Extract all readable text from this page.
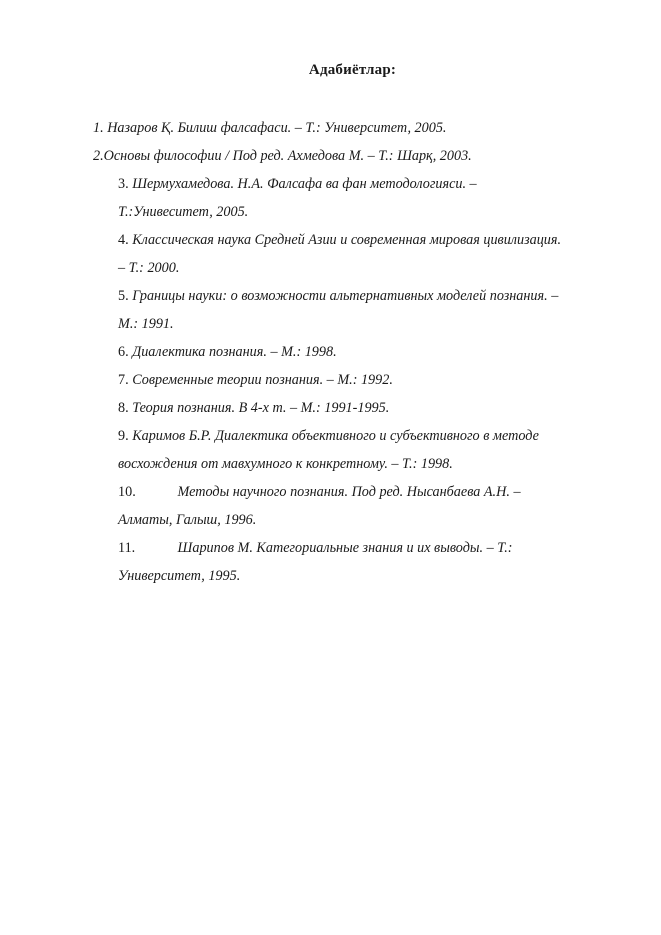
Адабиётлар:
1. Назаров Қ. Билиш фалсафаси. – Т.: Университет, 2005.
2.Основы философии / Под ред. Ахмедова М. – Т.: Шарқ, 2003.
3. Шермухамедова. Н.А. Фалсафа ва фан методологияси. –
Т.:Унивеситет, 2005.
4. Классическая наука Средней Азии и современная мировая цивилизация.
– Т.: 2000.
5. Границы науки: о возможности альтернативных моделей познания. –
М.: 1991.
6. Диалектика познания. – М.: 1998.
7. Современные теории познания. – М.: 1992.
8. Теория познания. В 4-х т. – М.: 1991-1995.
9. Каримов Б.Р. Диалектика объективного и субъективного в методе
восхождения от мавхумного к конкретному. – Т.: 1998.
10.	Методы научного познания. Под ред. Нысанбаева А.Н. –
Алматы, Галыш, 1996.
11.	Шарипов М. Категориальные знания и их выводы. – Т.:
Университет, 1995.
